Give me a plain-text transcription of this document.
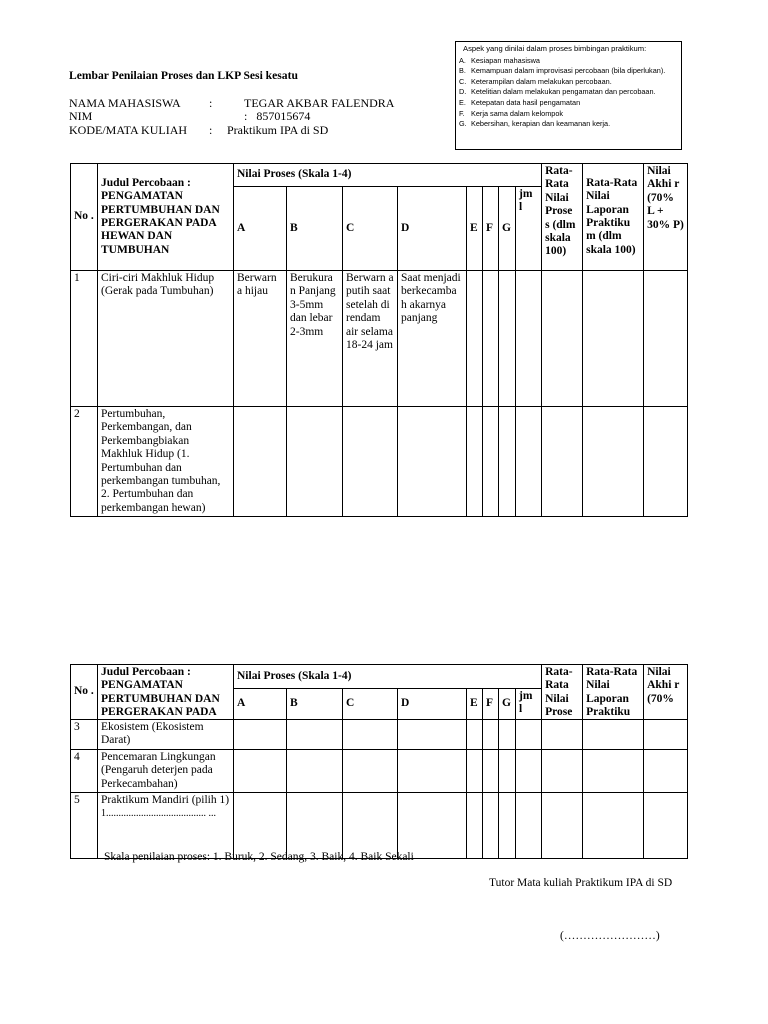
Aspek yang dinilai dalam proses bimbingan praktikum:
A. Kesiapan mahasiswa
B. Kemampuan dalam improvisasi percobaan (bila diperlukan).
C. Keterampilan dalam melakukan percobaan.
D. Ketelitian dalam melakukan pengamatan dan percobaan.
E. Ketepatan data hasil pengamatan
F. Kerja sama dalam kelompok
G. Kebersihan, kerapian dan keamanan kerja.
Lembar Penilaian Proses dan LKP Sesi kesatu
NAMA MAHASISWA :	TEGAR AKBAR FALENDRA
NIM	:   857015674
KODE/MATA KULIAH : Praktikum IPA di SD
No .	Judul Percobaan : PENGAMATAN PERTUMBUHAN DAN PERGERAKAN PADA HEWAN DAN TUMBUHAN	Nilai Proses (Skala 1-4)								Rata-Rata Nilai Prose s (dlm skala 100)	Rata-Rata Nilai Laporan Praktiku m (dlm skala 100)	Nilai Akhi r (70% L + 30% P)
		A	B	C	D	E	F	G	jm l			
1	Ciri-ciri Makhluk Hidup (Gerak pada Tumbuhan)	Berwarn a hijau	Berukura n Panjang 3-5mm dan lebar 2-3mm	Berwarn a putih saat setelah di rendam air selama 18-24 jam	Saat menjadi berkecamba h akarnya panjang							
2	Pertumbuhan, Perkembangan, dan Perkembangbiakan Makhluk Hidup (1. Pertumbuhan dan perkembangan tumbuhan, 2. Pertumbuhan dan perkembangan hewan)											
No .	Judul Percobaan : PENGAMATAN PERTUMBUHAN DAN PERGERAKAN PADA	Nilai Proses (Skala 1-4)								Rata-Rata Nilai Prose	Rata-Rata Nilai Laporan Praktiku	Nilai Akhi r (70%

		A	B	C	D	E	F	G	jm l			
3	Ekosistem (Ekosistem Darat)											
4	Pencemaran Lingkungan (Pengaruh deterjen pada Perkecambahan)											
5	Praktikum Mandiri (pilih 1)
1........................................ ...											

Skala penilaian proses: 1. Buruk, 2. Sedang, 3. Baik, 4. Baik Sekali
Tutor Mata kuliah Praktikum IPA di SD
(……………………)
